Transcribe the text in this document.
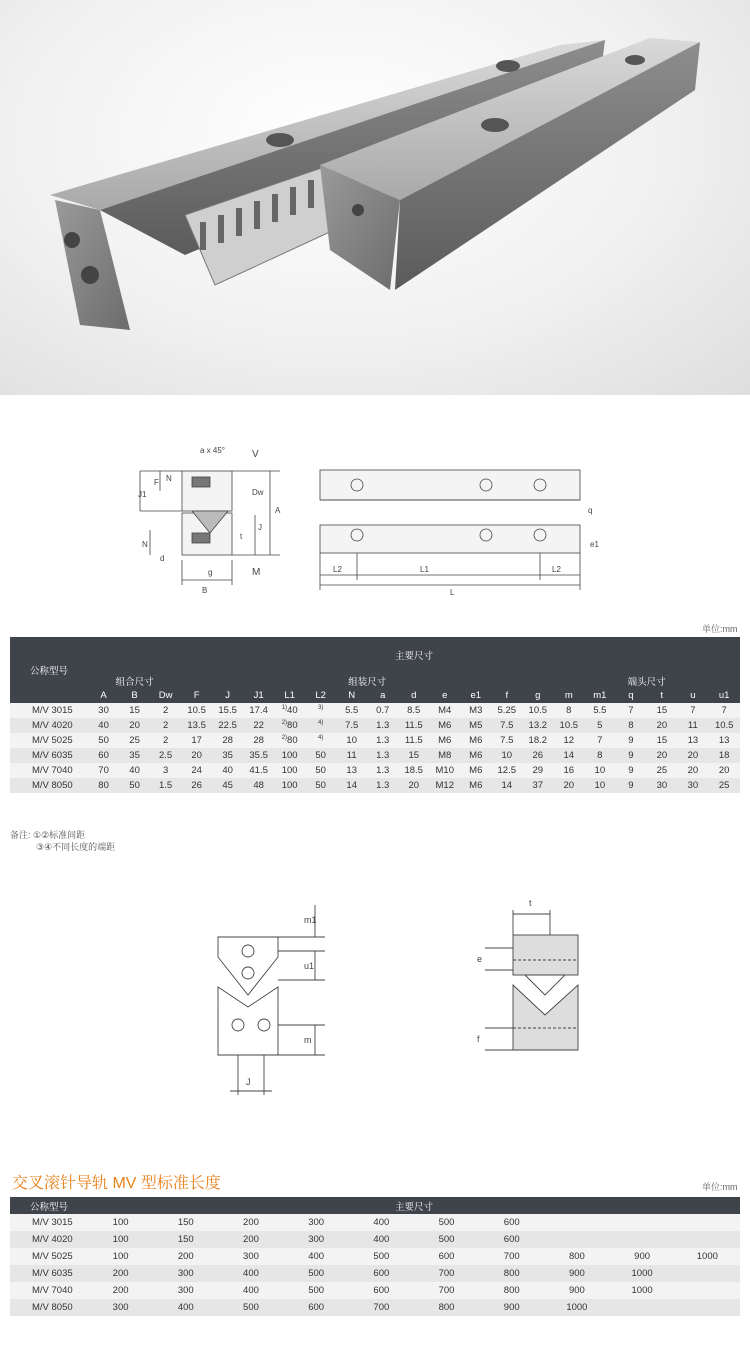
a x 45°	V
J1
F N
Dw
A
J
N
d
t
B
g	M	L2	L1
L
L2
q
e1
单位:mm
公称型号	主要尺寸																				
	组合尺寸			组装尺寸												端头尺寸					
	A	B	Dw	F	J	J1	L1	L2	N	a	d	e	e1	f	g	m	m1	q	t	u	u1
M/V 3015	30	15	2	10.5	15.5	17.4	$^{1)}$40	$^{3)}$	5.5	0.7	8.5	M4	M3	5.25	10.5	8	5.5	7	15	7	7
M/V 4020	40	20	2	13.5	22.5	22	$^{2)}$80	$^{4)}$	7.5	1.3	11.5	M6	M5	7.5	13.2	10.5	5	8	20	11	10.5
M/V 5025	50	25	2	17	28	28	$^{2)}$80	$^{4)}$	10	1.3	11.5	M6	M6	7.5	18.2	12	7	9	15	13	13
M/V 6035	60	35	2.5	20	35	35.5	100	50	11	1.3	15	M8	M6	10	26	14	8	9	20	20	18
M/V 7040	70	40	3	24	40	41.5	100	50	13	1.3	18.5	M10	M6	12.5	29	16	10	9	25	20	20
M/V 8050	80	50	1.5	26	45	48	100	50	14	1.3	20	M12	M6	14	37	20	10	9	30	30	25
备注: ①②标准间距
③④不同长度的端距
m1
u1
m
J
t
e
f
交叉滚针导轨 MV 型标准长度	单位:mm
公称型号	主要尺寸									
M/V 3015	100	150	200	300	400	500	600			
M/V 4020	100	150	200	300	400	500	600			
M/V 5025	100	200	300	400	500	600	700	800	900	1000
M/V 6035	200	300	400	500	600	700	800	900	1000	
M/V 7040	200	300	400	500	600	700	800	900	1000	
M/V 8050	300	400	500	600	700	800	900	1000		
